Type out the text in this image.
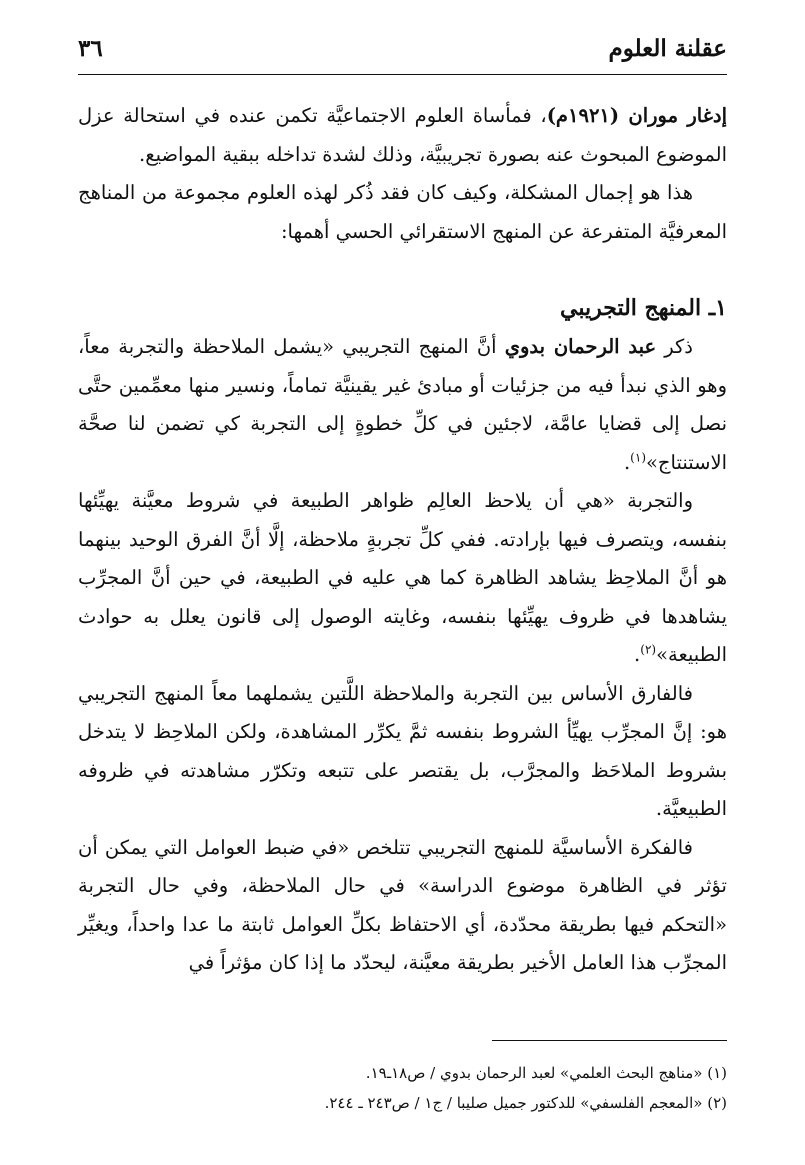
عقلنة العلوم
٣٦

إدغار موران (١٩٢١م)، فمأساة العلوم الاجتماعيَّة تكمن عنده في استحالة عزل الموضوع المبحوث عنه بصورة تجريبيَّة، وذلك لشدة تداخله ببقية المواضيع.

هذا هو إجمال المشكلة، وكيف كان فقد ذُكر لهذه العلوم مجموعة من المناهج المعرفيَّة المتفرعة عن المنهج الاستقرائي الحسي أهمها:

١ـ المنهج التجريبي

ذكر عبد الرحمان بدوي أنَّ المنهج التجريبي «يشمل الملاحظة والتجربة معاً، وهو الذي نبدأ فيه من جزئيات أو مبادئ غير يقينيَّة تماماً، ونسير منها معمِّمين حتَّى نصل إلى قضايا عامَّة، لاجئين في كلِّ خطوةٍ إلى التجربة كي تضمن لنا صحَّة الاستنتاج»$^{(١)}$.

والتجربة «هي أن يلاحظ العالِم ظواهر الطبيعة في شروط معيَّنة يهيِّئها بنفسه، ويتصرف فيها بإرادته. ففي كلِّ تجربةٍ ملاحظة، إلَّا أنَّ الفرق الوحيد بينهما هو أنَّ الملاحِظ يشاهد الظاهرة كما هي عليه في الطبيعة، في حين أنَّ المجرِّب يشاهدها في ظروف يهيِّئها بنفسه، وغايته الوصول إلى قانون يعلل به حوادث الطبيعة»$^{(٢)}$.

فالفارق الأساس بين التجربة والملاحظة اللَّتين يشملهما معاً المنهج التجريبي هو: إنَّ المجرِّب يهيِّأ الشروط بنفسه ثمَّ يكرِّر المشاهدة، ولكن الملاحِظ لا يتدخل بشروط الملاحَظ والمجرَّب، بل يقتصر على تتبعه وتكرّر مشاهدته في ظروفه الطبيعيَّة.

فالفكرة الأساسيَّة للمنهج التجريبي تتلخص «في ضبط العوامل التي يمكن أن تؤثر في الظاهرة موضوع الدراسة» في حال الملاحظة، وفي حال التجربة «التحكم فيها بطريقة محدّدة، أي الاحتفاظ بكلِّ العوامل ثابتة ما عدا واحداً، ويغيِّر المجرِّب هذا العامل الأخير بطريقة معيَّنة، ليحدّد ما إذا كان مؤثراً في

(١) «مناهج البحث العلمي» لعبد الرحمان بدوي / ص١٨ـ١٩.

(٢) «المعجم الفلسفي» للدكتور جميل صليبا / ج١ / ص٢٤٣ ـ ٢٤٤.
